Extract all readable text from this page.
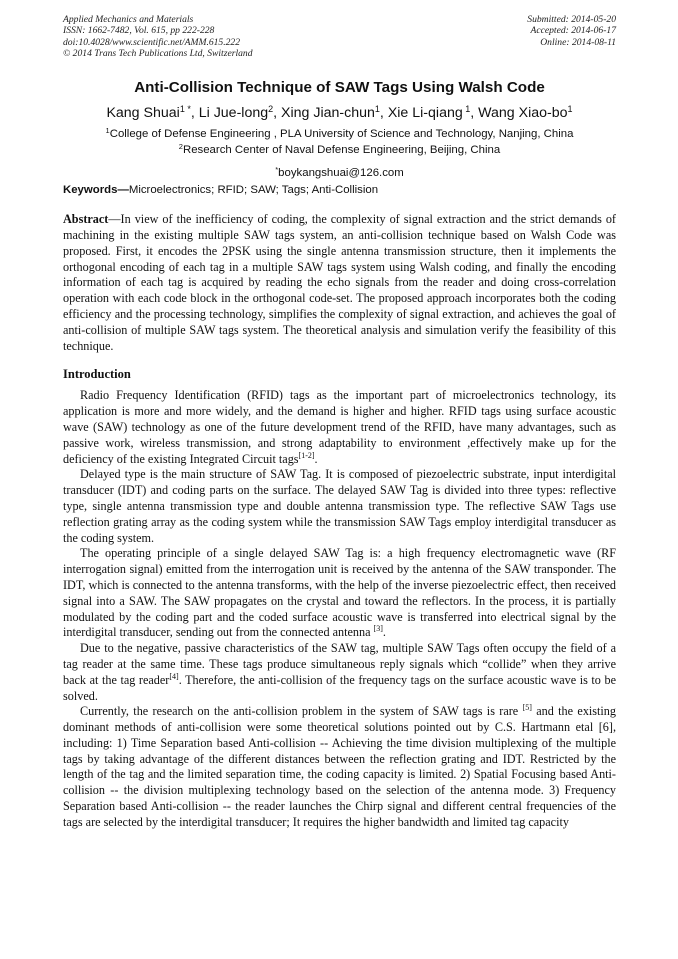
Applied Mechanics and Materials
ISSN: 1662-7482, Vol. 615, pp 222-228
doi:10.4028/www.scientific.net/AMM.615.222
© 2014 Trans Tech Publications Ltd, Switzerland
Submitted: 2014-05-20
Accepted: 2014-06-17
Online: 2014-08-11
Anti-Collision Technique of SAW Tags Using Walsh Code
Kang Shuai$^{1 *}$, Li Jue-long$^2$, Xing Jian-chun$^1$, Xie Li-qiang $^1$, Wang Xiao-$bo^1$
$^1$College of Defense Engineering , PLA University of Science and Technology, Nanjing, China
$^2$Research Center of Naval Defense Engineering, Beijing, China
*boykangshuai@126.com
Keywords—Microelectronics; RFID; SAW; Tags; Anti-Collision
Abstract—In view of the inefficiency of coding, the complexity of signal extraction and the strict demands of machining in the existing multiple SAW tags system, an anti-collision technique based on Walsh Code was proposed. First, it encodes the 2PSK using the single antenna transmission structure, then it implements the orthogonal encoding of each tag in a multiple SAW tags system using Walsh coding, and finally the encoding information of each tag is acquired by reading the echo signals from the reader and doing cross-correlation operation with each code block in the orthogonal code-set. The proposed approach incorporates both the coding efficiency and the processing technology, simplifies the complexity of signal extraction, and achieves the goal of anti-collision of multiple SAW tags system. The theoretical analysis and simulation verify the feasibility of this technique.
Introduction

Radio Frequency Identification (RFID) tags as the important part of microelectronics technology, its application is more and more widely, and the demand is higher and higher. RFID tags using surface acoustic wave (SAW) technology as one of the future development trend of the RFID, have many advantages, such as passive work, wireless transmission, and strong adaptability to environment ,effectively make up for the deficiency of the existing Integrated Circuit tags[1-2].

Delayed type is the main structure of SAW Tag. It is composed of piezoelectric substrate, input interdigital transducer (IDT) and coding parts on the surface. The delayed SAW Tag is divided into three types: reflective type, single antenna transmission type and double antenna transmission type. The reflective SAW Tags use reflection grating array as the coding system while the transmission SAW Tags employ interdigital transducer as the coding system.

The operating principle of a single delayed SAW Tag is: a high frequency electromagnetic wave (RF interrogation signal) emitted from the interrogation unit is received by the antenna of the SAW transponder. The IDT, which is connected to the antenna transforms, with the help of the inverse piezoelectric effect, then received signal into a SAW. The SAW propagates on the crystal and toward the reflectors. In the process, it is partially modulated by the coding part and the coded surface acoustic wave is transferred into electrical signal by the interdigital transducer, sending out from the connected antenna [3].

Due to the negative, passive characteristics of the SAW tag, multiple SAW Tags often occupy the field of a tag reader at the same time. These tags produce simultaneous reply signals which “collide” when they arrive back at the tag reader[4]. Therefore, the anti-collision of the frequency tags on the surface acoustic wave is to be solved.

Currently, the research on the anti-collision problem in the system of SAW tags is rare [5] and the existing dominant methods of anti-collision were some theoretical solutions pointed out by C.S. Hartmann etal [6], including: 1) Time Separation based Anti-collision -- Achieving the time division multiplexing of the multiple tags by taking advantage of the different distances between the reflection grating and IDT. Restricted by the length of the tag and the limited separation time, the coding capacity is limited. 2) Spatial Focusing based Anti-collision -- the division multiplexing technology based on the selection of the antenna mode. 3) Frequency Separation based Anti-collision -- the reader launches the Chirp signal and different central frequencies of the tags are selected by the interdigital transducer; It requires the higher bandwidth and limited tag capacity
